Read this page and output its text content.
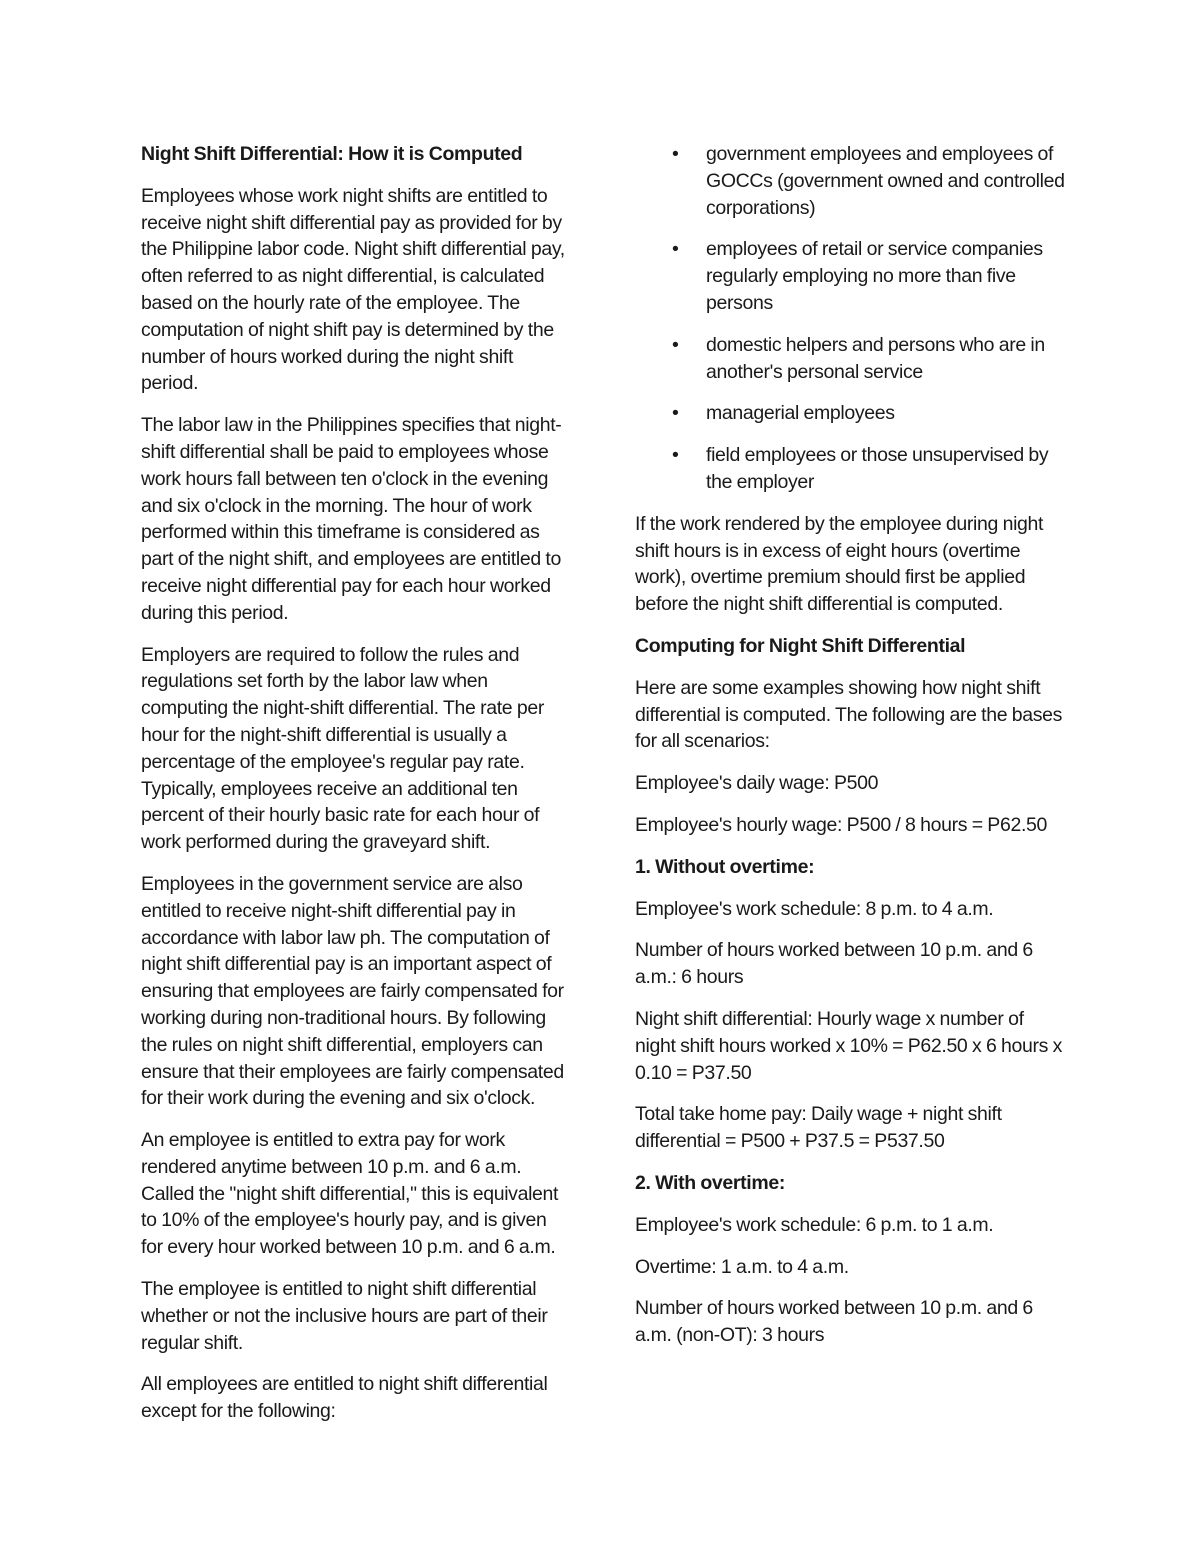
Night Shift Differential: How it is Computed

Employees whose work night shifts are entitled to receive night shift differential pay as provided for by the Philippine labor code. Night shift differential pay, often referred to as night differential, is calculated based on the hourly rate of the employee. The computation of night shift pay is determined by the number of hours worked during the night shift period.

The labor law in the Philippines specifies that night-shift differential shall be paid to employees whose work hours fall between ten o'clock in the evening and six o'clock in the morning. The hour of work performed within this timeframe is considered as part of the night shift, and employees are entitled to receive night differential pay for each hour worked during this period.

Employers are required to follow the rules and regulations set forth by the labor law when computing the night-shift differential. The rate per hour for the night-shift differential is usually a percentage of the employee's regular pay rate. Typically, employees receive an additional ten percent of their hourly basic rate for each hour of work performed during the graveyard shift.

Employees in the government service are also entitled to receive night-shift differential pay in accordance with labor law ph. The computation of night shift differential pay is an important aspect of ensuring that employees are fairly compensated for working during non-traditional hours. By following the rules on night shift differential, employers can ensure that their employees are fairly compensated for their work during the evening and six o'clock.

An employee is entitled to extra pay for work rendered anytime between 10 p.m. and 6 a.m. Called the "night shift differential," this is equivalent to 10% of the employee's hourly pay, and is given for every hour worked between 10 p.m. and 6 a.m.

The employee is entitled to night shift differential whether or not the inclusive hours are part of their regular shift.

All employees are entitled to night shift differential except for the following:

• government employees and employees of GOCCs (government owned and controlled corporations)
• employees of retail or service companies regularly employing no more than five persons
• domestic helpers and persons who are in another's personal service
• managerial employees
• field employees or those unsupervised by the employer

If the work rendered by the employee during night shift hours is in excess of eight hours (overtime work), overtime premium should first be applied before the night shift differential is computed.

Computing for Night Shift Differential

Here are some examples showing how night shift differential is computed. The following are the bases for all scenarios:

Employee's daily wage: P500

Employee's hourly wage: P500 / 8 hours = P62.50

1. Without overtime:

Employee's work schedule: 8 p.m. to 4 a.m.

Number of hours worked between 10 p.m. and 6 a.m.: 6 hours

Night shift differential: Hourly wage x number of night shift hours worked x 10% = P62.50 x 6 hours x 0.10 = P37.50

Total take home pay: Daily wage + night shift differential = P500 + P37.5 = P537.50

2. With overtime:

Employee's work schedule: 6 p.m. to 1 a.m.

Overtime: 1 a.m. to 4 a.m.

Number of hours worked between 10 p.m. and 6 a.m. (non-OT): 3 hours
